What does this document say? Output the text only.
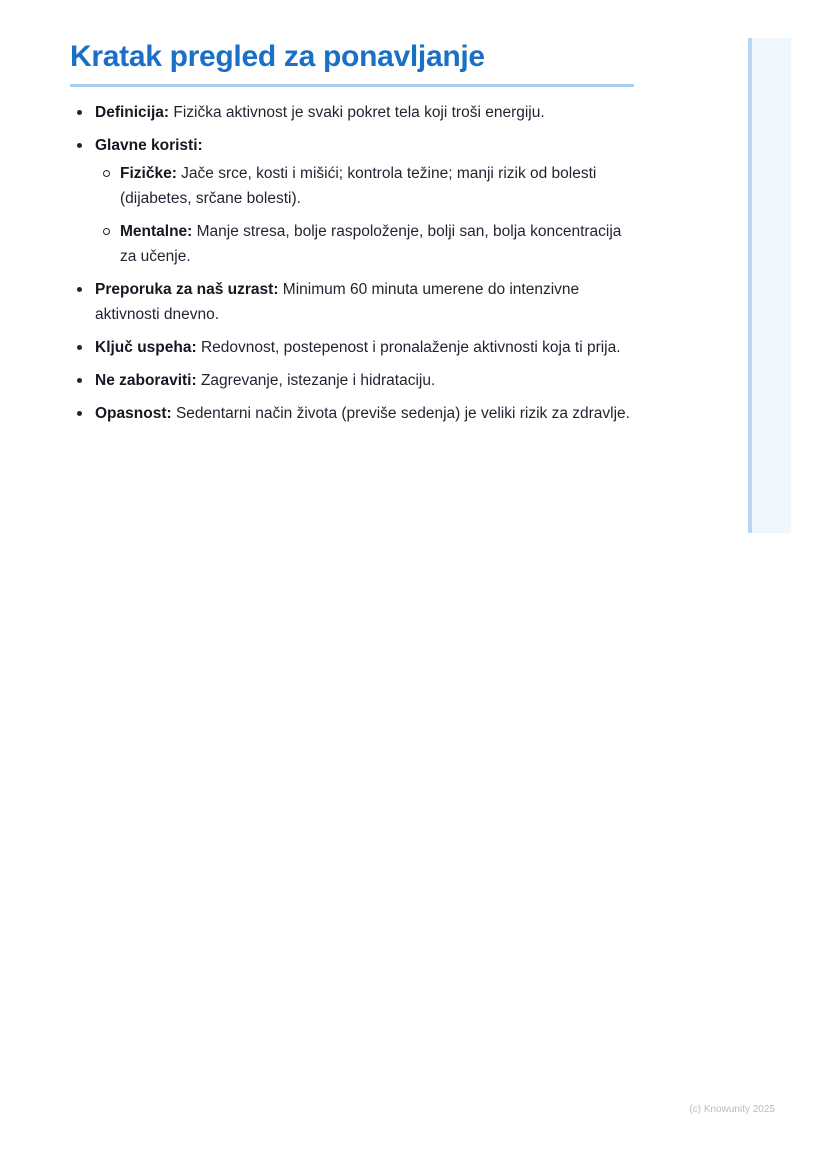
Kratak pregled za ponavljanje
Definicija: Fizička aktivnost je svaki pokret tela koji troši energiju.
Glavne koristi:
Fizičke: Jače srce, kosti i mišići; kontrola težine; manji rizik od bolesti (dijabetes, srčane bolesti).
Mentalne: Manje stresa, bolje raspoloženje, bolji san, bolja koncentracija za učenje.
Preporuka za naš uzrast: Minimum 60 minuta umerene do intenzivne aktivnosti dnevno.
Ključ uspeha: Redovnost, postepenost i pronalaženje aktivnosti koja ti prija.
Ne zaboraviti: Zagrevanje, istezanje i hidrataciju.
Opasnost: Sedentarni način života (previše sedenja) je veliki rizik za zdravlje.
(c) Knowunity 2025
